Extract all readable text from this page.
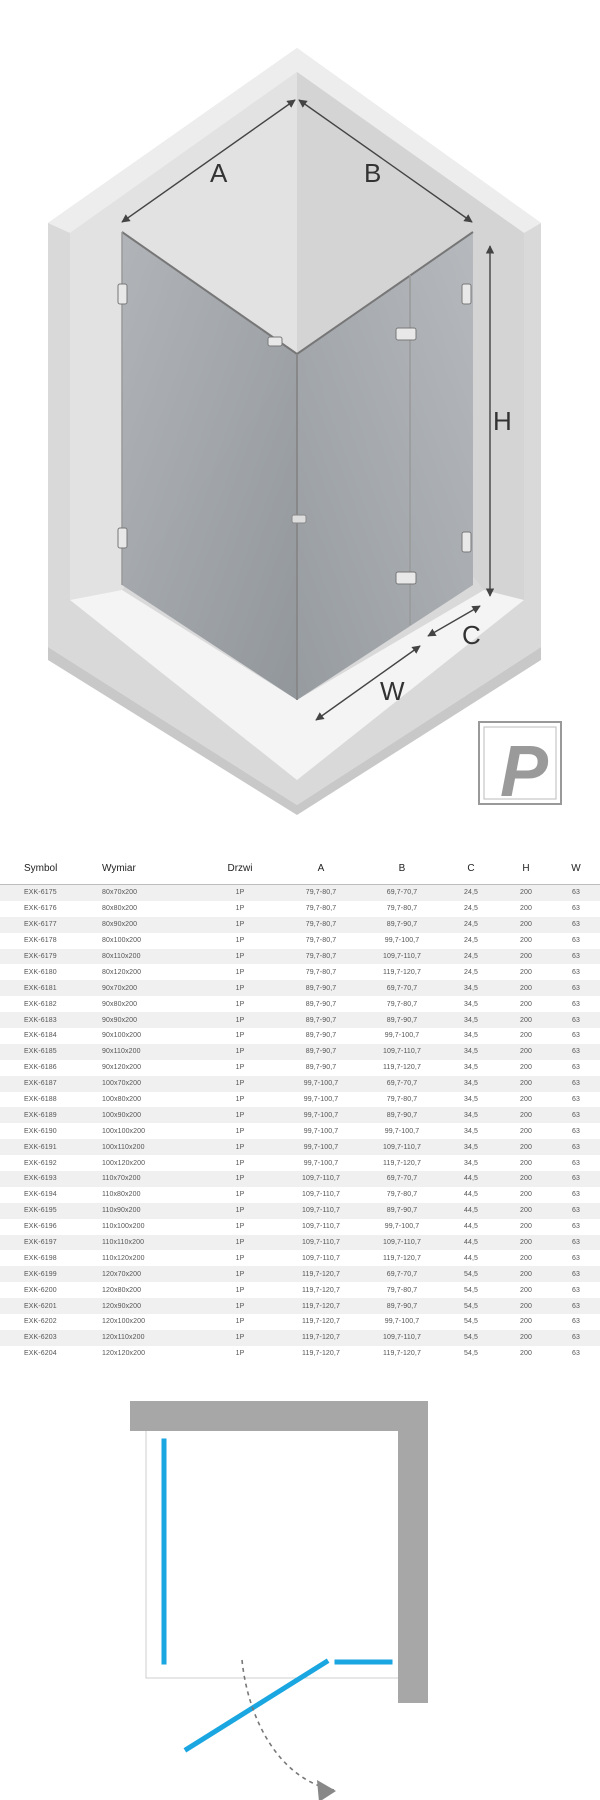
A	B
H
C
W
P
Symbol	Wymiar	Drzwi	A	B	C	H	W
EXK-6175	80x70x200	1P	79,7-80,7	69,7-70,7	24,5	200	63
EXK-6176	80x80x200	1P	79,7-80,7	79,7-80,7	24,5	200	63
EXK-6177	80x90x200	1P	79,7-80,7	89,7-90,7	24,5	200	63
EXK-6178	80x100x200	1P	79,7-80,7	99,7-100,7	24,5	200	63
EXK-6179	80x110x200	1P	79,7-80,7	109,7-110,7	24,5	200	63
EXK-6180	80x120x200	1P	79,7-80,7	119,7-120,7	24,5	200	63
EXK-6181	90x70x200	1P	89,7-90,7	69,7-70,7	34,5	200	63
EXK-6182	90x80x200	1P	89,7-90,7	79,7-80,7	34,5	200	63
EXK-6183	90x90x200	1P	89,7-90,7	89,7-90,7	34,5	200	63
EXK-6184	90x100x200	1P	89,7-90,7	99,7-100,7	34,5	200	63
EXK-6185	90x110x200	1P	89,7-90,7	109,7-110,7	34,5	200	63
EXK-6186	90x120x200	1P	89,7-90,7	119,7-120,7	34,5	200	63
EXK-6187	100x70x200	1P	99,7-100,7	69,7-70,7	34,5	200	63
EXK-6188	100x80x200	1P	99,7-100,7	79,7-80,7	34,5	200	63
EXK-6189	100x90x200	1P	99,7-100,7	89,7-90,7	34,5	200	63
EXK-6190	100x100x200	1P	99,7-100,7	99,7-100,7	34,5	200	63
EXK-6191	100x110x200	1P	99,7-100,7	109,7-110,7	34,5	200	63
EXK-6192	100x120x200	1P	99,7-100,7	119,7-120,7	34,5	200	63
EXK-6193	110x70x200	1P	109,7-110,7	69,7-70,7	44,5	200	63
EXK-6194	110x80x200	1P	109,7-110,7	79,7-80,7	44,5	200	63
EXK-6195	110x90x200	1P	109,7-110,7	89,7-90,7	44,5	200	63
EXK-6196	110x100x200	1P	109,7-110,7	99,7-100,7	44,5	200	63
EXK-6197	110x110x200	1P	109,7-110,7	109,7-110,7	44,5	200	63
EXK-6198	110x120x200	1P	109,7-110,7	119,7-120,7	44,5	200	63
EXK-6199	120x70x200	1P	119,7-120,7	69,7-70,7	54,5	200	63
EXK-6200	120x80x200	1P	119,7-120,7	79,7-80,7	54,5	200	63
EXK-6201	120x90x200	1P	119,7-120,7	89,7-90,7	54,5	200	63
EXK-6202	120x100x200	1P	119,7-120,7	99,7-100,7	54,5	200	63
EXK-6203	120x110x200	1P	119,7-120,7	109,7-110,7	54,5	200	63
EXK-6204	120x120x200	1P	119,7-120,7	119,7-120,7	54,5	200	63
